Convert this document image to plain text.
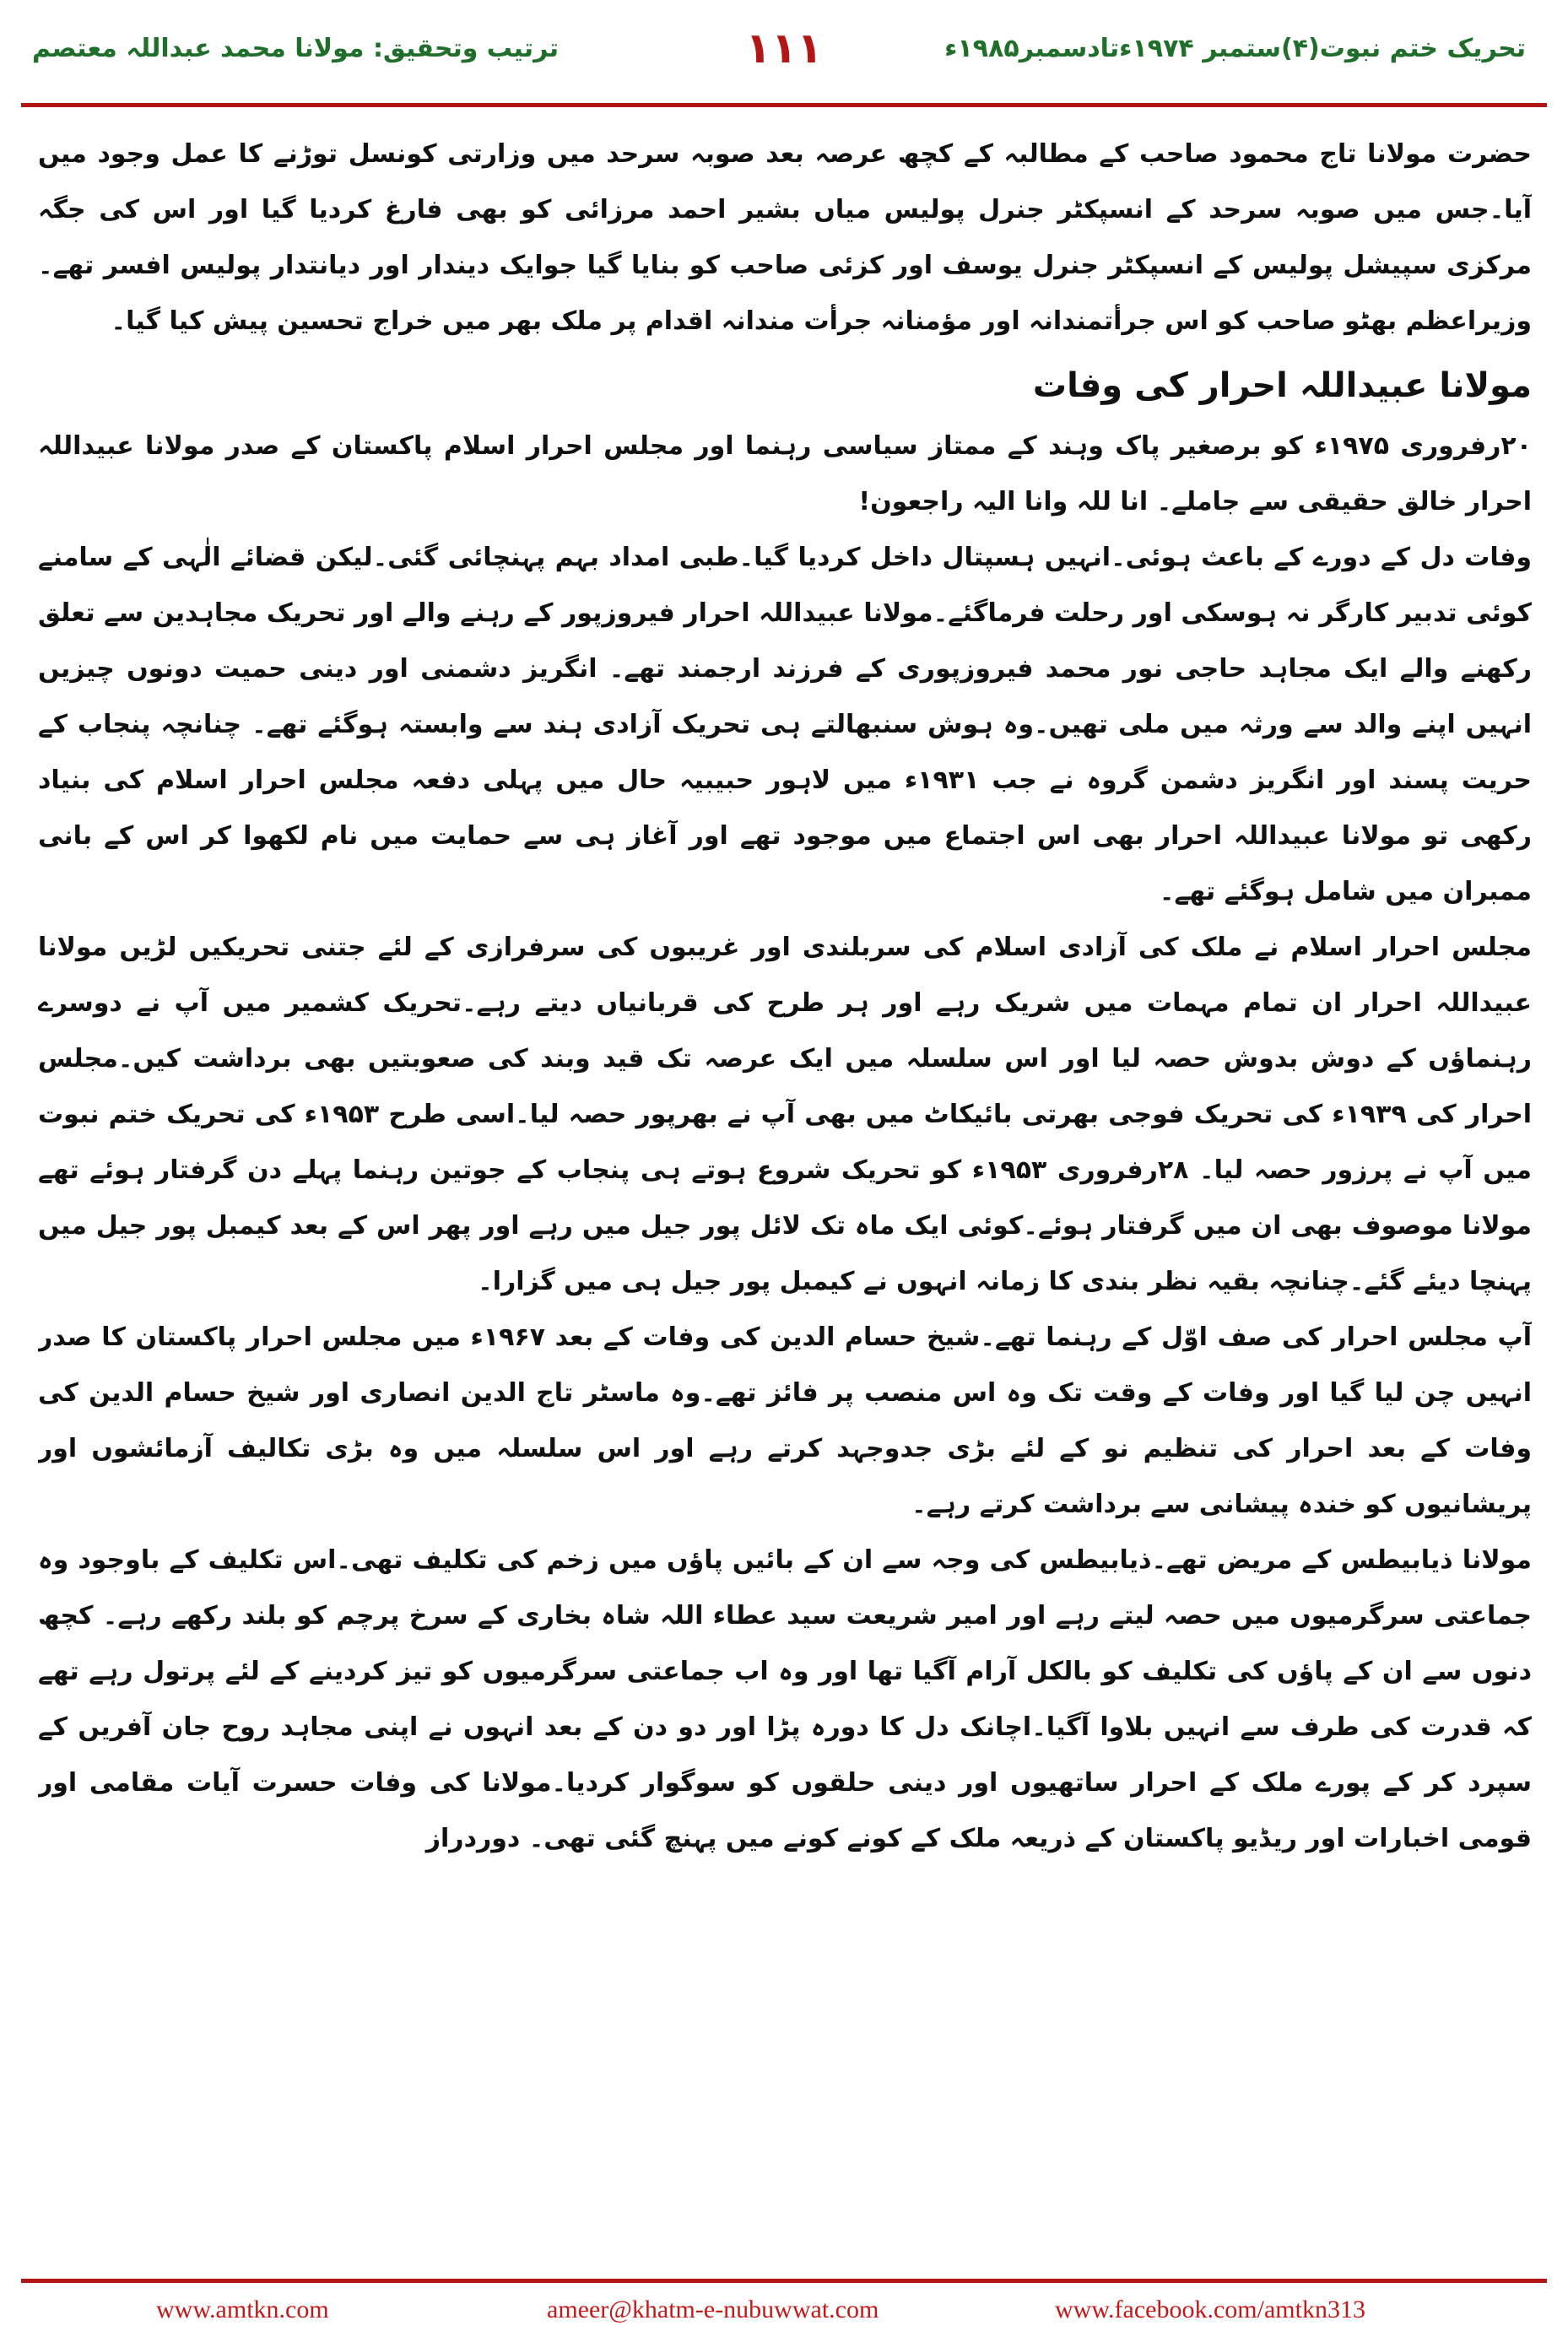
تحریک ختم نبوت(۴)ستمبر ۱۹۷۴ءتادسمبر۱۹۸۵ء
۱۱۱
ترتیب وتحقیق: مولانا محمد عبداللہ معتصم

حضرت مولانا تاج محمود صاحب کے مطالبہ کے کچھ عرصہ بعد صوبہ سرحد میں وزارتی کونسل توڑنے کا عمل وجود میں آیا۔جس میں صوبہ سرحد کے انسپکٹر جنرل پولیس میاں بشیر احمد مرزائی کو بھی فارغ کردیا گیا اور اس کی جگہ مرکزی سپیشل پولیس کے انسپکٹر جنرل یوسف اور کزئی صاحب کو بنایا گیا جوایک دیندار اور دیانتدار پولیس افسر تھے۔ وزیراعظم بھٹو صاحب کو اس جرأتمندانہ اور مؤمنانہ جرأت مندانہ اقدام پر ملک بھر میں خراج تحسین پیش کیا گیا۔

مولانا عبیداللہ احرار کی وفات

۲۰رفروری ۱۹۷۵ء کو برصغیر پاک وہند کے ممتاز سیاسی رہنما اور مجلس احرار اسلام پاکستان کے صدر مولانا عبیداللہ احرار خالق حقیقی سے جاملے۔ انا للہ وانا الیہ راجعون!

وفات دل کے دورے کے باعث ہوئی۔انہیں ہسپتال داخل کردیا گیا۔طبی امداد بہم پہنچائی گئی۔لیکن قضائے الٰہی کے سامنے کوئی تدبیر کارگر نہ ہوسکی اور رحلت فرماگئے۔مولانا عبیداللہ احرار فیروزپور کے رہنے والے اور تحریک مجاہدین سے تعلق رکھنے والے ایک مجاہد حاجی نور محمد فیروزپوری کے فرزند ارجمند تھے۔ انگریز دشمنی اور دینی حمیت دونوں چیزیں انہیں اپنے والد سے ورثہ میں ملی تھیں۔وہ ہوش سنبھالتے ہی تحریک آزادی ہند سے وابستہ ہوگئے تھے۔ چنانچہ پنجاب کے حریت پسند اور انگریز دشمن گروہ نے جب ۱۹۳۱ء میں لاہور حبیبیہ حال میں پہلی دفعہ مجلس احرار اسلام کی بنیاد رکھی تو مولانا عبیداللہ احرار بھی اس اجتماع میں موجود تھے اور آغاز ہی سے حمایت میں نام لکھوا کر اس کے بانی ممبران میں شامل ہوگئے تھے۔

مجلس احرار اسلام نے ملک کی آزادی اسلام کی سربلندی اور غریبوں کی سرفرازی کے لئے جتنی تحریکیں لڑیں مولانا عبیداللہ احرار ان تمام مہمات میں شریک رہے اور ہر طرح کی قربانیاں دیتے رہے۔تحریک کشمیر میں آپ نے دوسرے رہنماؤں کے دوش بدوش حصہ لیا اور اس سلسلہ میں ایک عرصہ تک قید وبند کی صعوبتیں بھی برداشت کیں۔مجلس احرار کی ۱۹۳۹ء کی تحریک فوجی بھرتی بائیکاٹ میں بھی آپ نے بھرپور حصہ لیا۔اسی طرح ۱۹۵۳ء کی تحریک ختم نبوت میں آپ نے پرزور حصہ لیا۔ ۲۸رفروری ۱۹۵۳ء کو تحریک شروع ہوتے ہی پنجاب کے جوتین رہنما پہلے دن گرفتار ہوئے تھے مولانا موصوف بھی ان میں گرفتار ہوئے۔کوئی ایک ماہ تک لائل پور جیل میں رہے اور پھر اس کے بعد کیمبل پور جیل میں پہنچا دیئے گئے۔چنانچہ بقیہ نظر بندی کا زمانہ انہوں نے کیمبل پور جیل ہی میں گزارا۔

آپ مجلس احرار کی صف اوّل کے رہنما تھے۔شیخ حسام الدین کی وفات کے بعد ۱۹۶۷ء میں مجلس احرار پاکستان کا صدر انہیں چن لیا گیا اور وفات کے وقت تک وہ اس منصب پر فائز تھے۔وہ ماسٹر تاج الدین انصاری اور شیخ حسام الدین کی وفات کے بعد احرار کی تنظیم نو کے لئے بڑی جدوجہد کرتے رہے اور اس سلسلہ میں وہ بڑی تکالیف آزمائشوں اور پریشانیوں کو خندہ پیشانی سے برداشت کرتے رہے۔

مولانا ذیابیطس کے مریض تھے۔ذیابیطس کی وجہ سے ان کے بائیں پاؤں میں زخم کی تکلیف تھی۔اس تکلیف کے باوجود وہ جماعتی سرگرمیوں میں حصہ لیتے رہے اور امیر شریعت سید عطاء اللہ شاہ بخاری کے سرخ پرچم کو بلند رکھے رہے۔ کچھ دنوں سے ان کے پاؤں کی تکلیف کو بالکل آرام آگیا تھا اور وہ اب جماعتی سرگرمیوں کو تیز کردینے کے لئے پرتول رہے تھے کہ قدرت کی طرف سے انہیں بلاوا آگیا۔اچانک دل کا دورہ پڑا اور دو دن کے بعد انہوں نے اپنی مجاہد روح جان آفریں کے سپرد کر کے پورے ملک کے احرار ساتھیوں اور دینی حلقوں کو سوگوار کردیا۔مولانا کی وفات حسرت آیات مقامی اور قومی اخبارات اور ریڈیو پاکستان کے ذریعہ ملک کے کونے کونے میں پہنچ گئی تھی۔ دوردراز

www.amtkn.com	ameer@khatm-e-nubuwwat.com	www.facebook.com/amtkn313
